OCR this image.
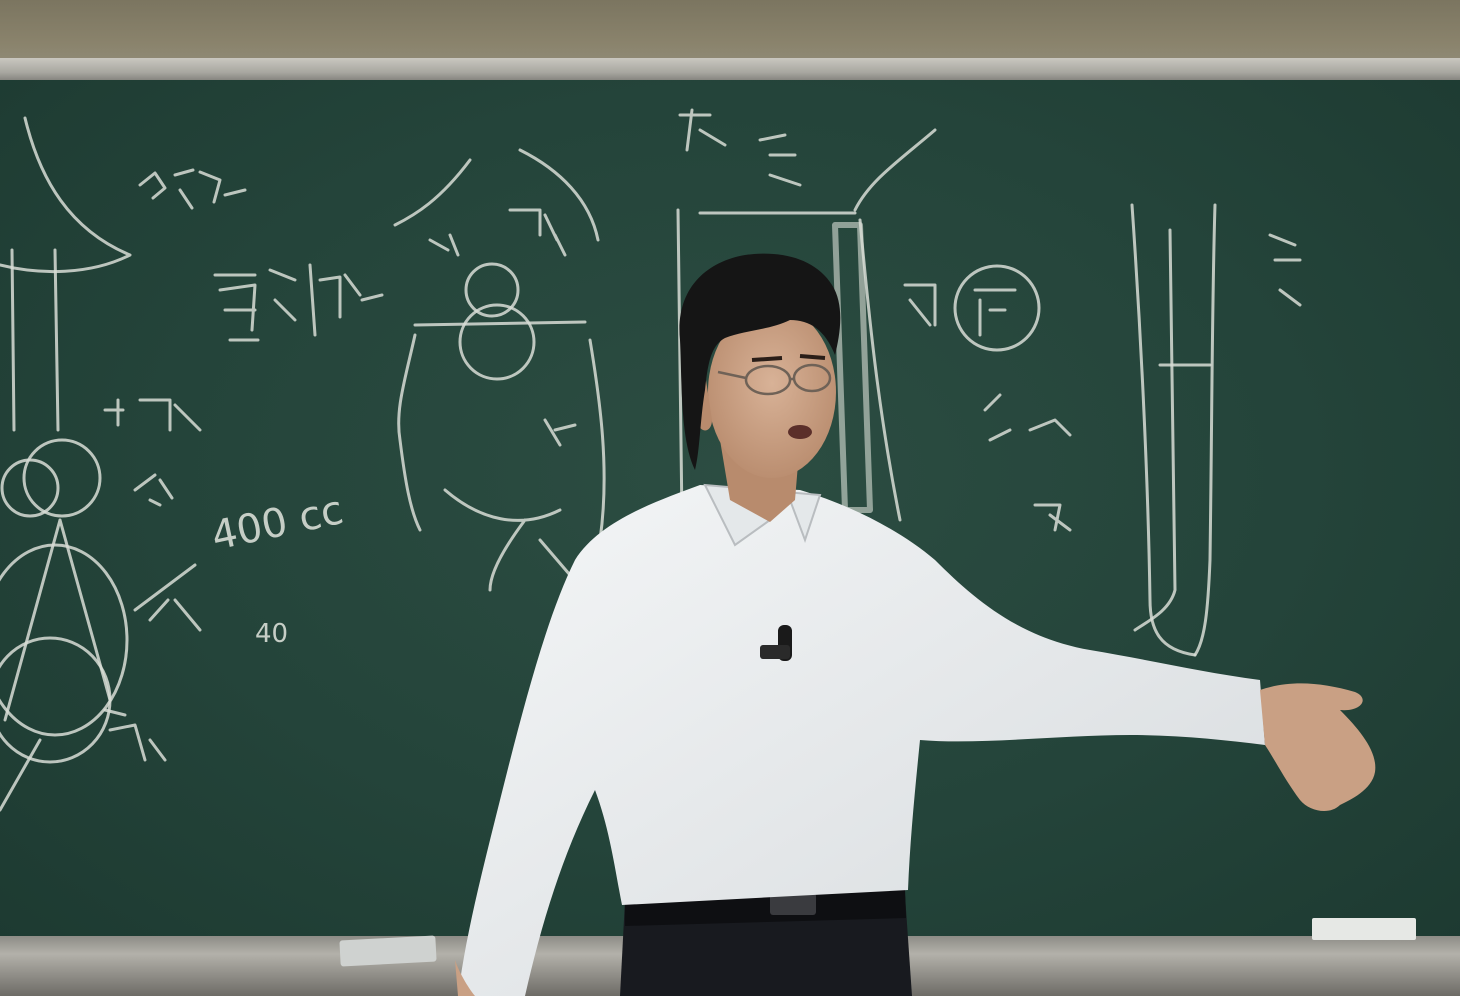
400 cc
40
